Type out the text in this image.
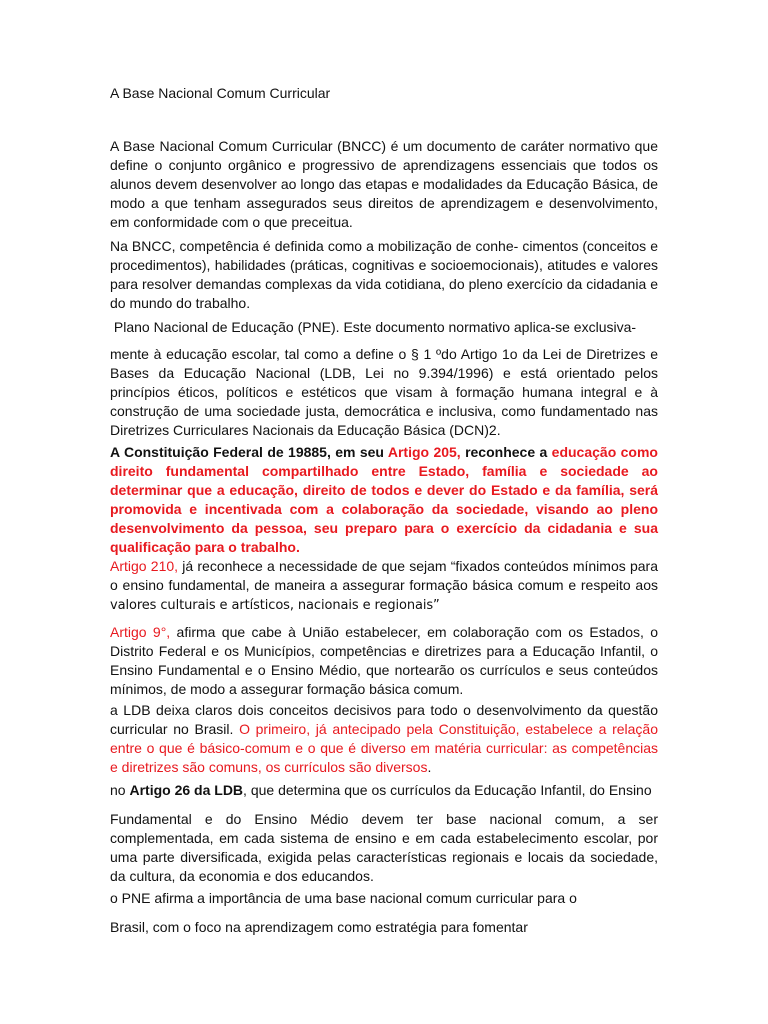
A Base Nacional Comum Curricular
A Base Nacional Comum Curricular (BNCC) é um documento de caráter normativo que define o conjunto orgânico e progressivo de aprendizagens essenciais que todos os alunos devem desenvolver ao longo das etapas e modalidades da Educação Básica, de modo a que tenham assegurados seus direitos de aprendizagem e desenvolvimento, em conformidade com o que preceitua.
Na BNCC, competência é definida como a mobilização de conhe- cimentos (conceitos e procedimentos), habilidades (práticas, cognitivas e socioemocionais), atitudes e valores para resolver demandas complexas da vida cotidiana, do pleno exercício da cidadania e do mundo do trabalho.
Plano Nacional de Educação (PNE). Este documento normativo aplica-se exclusiva-
mente à educação escolar, tal como a define o § 1 ºdo Artigo 1o da Lei de Diretrizes e Bases da Educação Nacional (LDB, Lei no 9.394/1996) e está orientado pelos princípios éticos, políticos e estéticos que visam à formação humana integral e à construção de uma sociedade justa, democrática e inclusiva, como fundamentado nas Diretrizes Curriculares Nacionais da Educação Básica (DCN)2.
A Constituição Federal de 19885, em seu Artigo 205, reconhece a educação como direito fundamental compartilhado entre Estado, família e sociedade ao determinar que a educação, direito de todos e dever do Estado e da família, será promovida e incentivada com a colaboração da sociedade, visando ao pleno desenvolvimento da pessoa, seu preparo para o exercício da cidadania e sua qualificação para o trabalho.
Artigo 210, já reconhece a necessidade de que sejam “fixados conteúdos mínimos para o ensino fundamental, de maneira a assegurar formação básica comum e respeito aos valores culturais e artísticos, nacionais e regionais”
Artigo 9°, afirma que cabe à União estabelecer, em colaboração com os Estados, o Distrito Federal e os Municípios, competências e diretrizes para a Educação Infantil, o Ensino Fundamental e o Ensino Médio, que nortearão os currículos e seus conteúdos mínimos, de modo a assegurar formação básica comum.
a LDB deixa claros dois conceitos decisivos para todo o desenvolvimento da questão curricular no Brasil. O primeiro, já antecipado pela Constituição, estabelece a relação entre o que é básico-comum e o que é diverso em matéria curricular: as competências e diretrizes são comuns, os currículos são diversos.
no Artigo 26 da LDB, que determina que os currículos da Educação Infantil, do Ensino
Fundamental e do Ensino Médio devem ter base nacional comum, a ser complementada, em cada sistema de ensino e em cada estabelecimento escolar, por uma parte diversificada, exigida pelas características regionais e locais da sociedade, da cultura, da economia e dos educandos.
o PNE afirma a importância de uma base nacional comum curricular para o
Brasil, com o foco na aprendizagem como estratégia para fomentar
